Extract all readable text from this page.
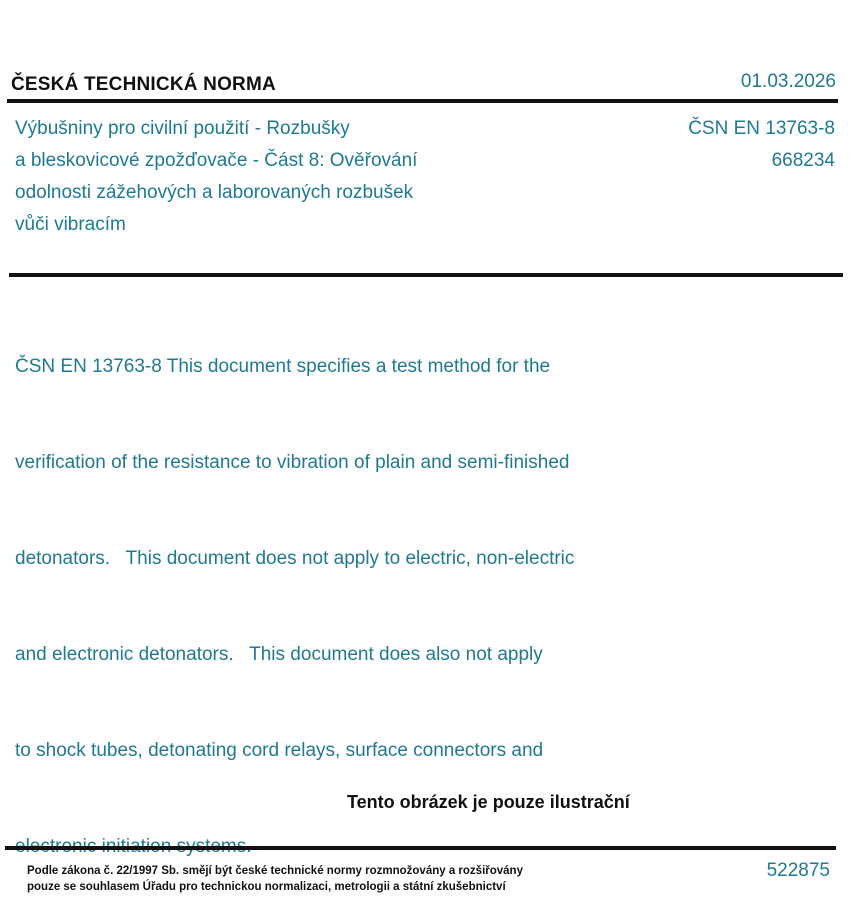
ČESKÁ TECHNICKÁ NORMA	01.03.2026
Výbušniny pro civilní použití - Rozbušky
a bleskovicové zpožďovače - Část 8: Ověřování
odolnosti zážehových a laborovaných rozbušek
vůči vibracím
ČSN EN 13763-8
668234

ČSN EN 13763-8 This document specifies a test method for the

verification of the resistance to vibration of plain and semi-finished

detonators.   This document does not apply to electric, non-electric

and electronic detonators.   This document does also not apply

to shock tubes, detonating cord relays, surface connectors and

Tento obrázek je pouze ilustrační
Podle zákona č. 22/1997 Sb. smějí být české technické normy rozmnožovány a rozšiřovány
pouze se souhlasem Úřadu pro technickou normalizaci, metrologii a státní zkušebnictví
522875
